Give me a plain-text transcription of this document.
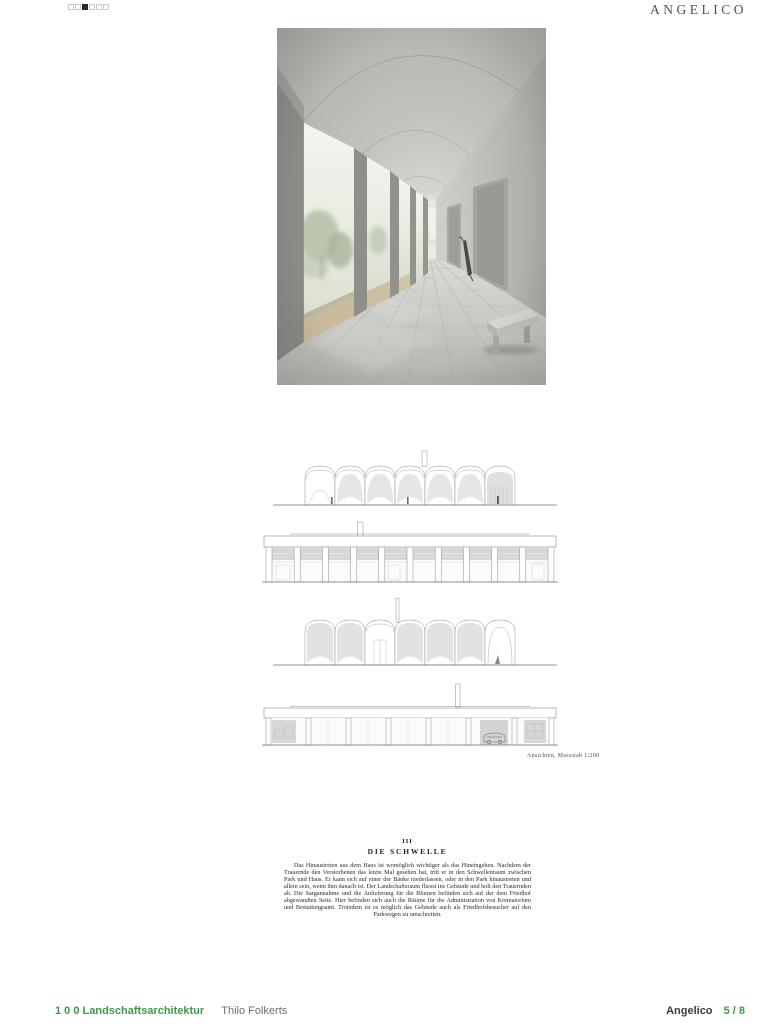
ANGELICO
Ansichten, Massstab 1:200
III
DIE SCHWELLE

Das Hinaustreten aus dem Haus ist womöglich wichtiger als das Hineingehen. Nachdem der Trauernde den Verstorbenen das letzte Mal gesehen hat, tritt er in den Schwellenraum zwischen Park und Haus. Er kann sich auf einer der Bänke niederlassen, oder in den Park hinaustreten und allein sein, wenn ihm danach ist. Der Landschaftsraum fliesst ins Gebäude und holt den Trauernden ab. Die Sargannahme und die Anlieferung für die Blumen befinden sich auf der dem Friedhof abgewandten Seite. Hier befinden sich auch die Räume für die Administration von Krematorium und Bestattungsamt. Trotzdem ist es möglich das Gebäude auch als Friedhofsbesucher auf den Parkwegen zu umschreiten.

1 0 0 Landschaftsarchitektur Thilo Folkerts	Angelico 5 / 8
